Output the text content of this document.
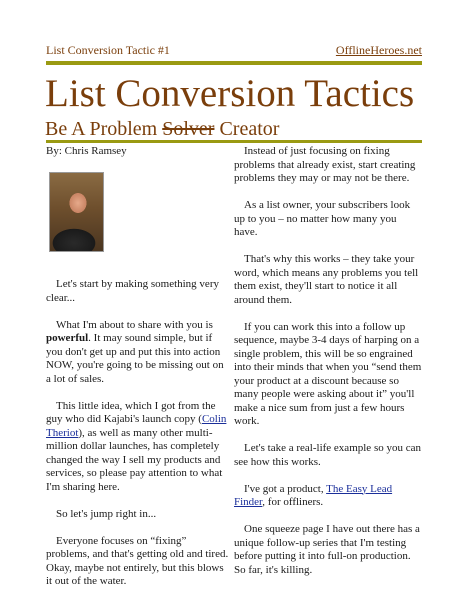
List Conversion Tactic #1	OfflineHeroes.net
List Conversion Tactics
Be A Problem Solver Creator

By: Chris Ramsey

Let's start by making something very clear...

What I'm about to share with you is powerful. It may sound simple, but if you don't get up and put this into action NOW, you're going to be missing out on a lot of sales.

This little idea, which I got from the guy who did Kajabi's launch copy (Colin Theriot), as well as many other multi-million dollar launches, has completely changed the way I sell my products and services, so please pay attention to what I'm sharing here.

So let's jump right in...

Everyone focuses on “fixing” problems, and that's getting old and tired. Okay, maybe not entirely, but this blows it out of the water.

Instead of just focusing on fixing problems that already exist, start creating problems they may or may not be there.

As a list owner, your subscribers look up to you – no matter how many you have.

That's why this works – they take your word, which means any problems you tell them exist, they'll start to notice it all around them.

If you can work this into a follow up sequence, maybe 3-4 days of harping on a single problem, this will be so engrained into their minds that when you “send them your product at a discount because so many people were asking about it” you'll make a nice sum from just a few hours work.

Let's take a real-life example so you can see how this works.

I've got a product, The Easy Lead Finder, for offliners.

One squeeze page I have out there has a unique follow-up series that I'm testing before putting it into full-on production. So far, it's killing.
